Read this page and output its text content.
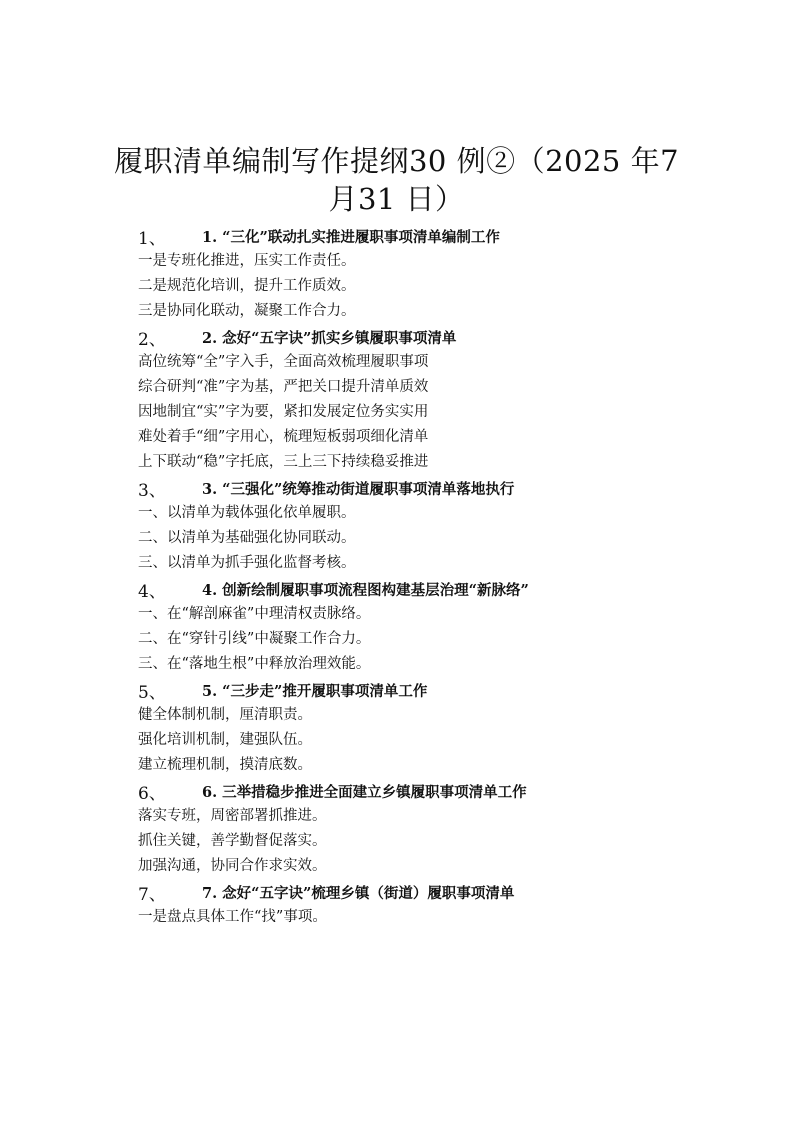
履职清单编制写作提纲30 例②（2025 年7
月31 日）
1、	1. “三化”联动扎实推进履职事项清单编制工作
一是专班化推进，压实工作责任。
二是规范化培训，提升工作质效。
三是协同化联动，凝聚工作合力。
2、	2. 念好“五字诀”抓实乡镇履职事项清单
高位统筹“全”字入手，全面高效梳理履职事项
综合研判“准”字为基，严把关口提升清单质效
因地制宜“实”字为要，紧扣发展定位务实实用
难处着手“细”字用心，梳理短板弱项细化清单
上下联动“稳”字托底，三上三下持续稳妥推进
3、	3. “三强化”统筹推动街道履职事项清单落地执行
一、以清单为载体强化依单履职。
二、以清单为基础强化协同联动。
三、以清单为抓手强化监督考核。
4、	4. 创新绘制履职事项流程图构建基层治理“新脉络”
一、在“解剖麻雀”中理清权责脉络。
二、在“穿针引线”中凝聚工作合力。
三、在“落地生根”中释放治理效能。
5、	5. “三步走”推开履职事项清单工作
健全体制机制，厘清职责。
强化培训机制，建强队伍。
建立梳理机制，摸清底数。
6、	6. 三举措稳步推进全面建立乡镇履职事项清单工作
落实专班，周密部署抓推进。
抓住关键，善学勤督促落实。
加强沟通，协同合作求实效。
7、	7. 念好“五字诀”梳理乡镇（街道）履职事项清单
一是盘点具体工作“找”事项。
